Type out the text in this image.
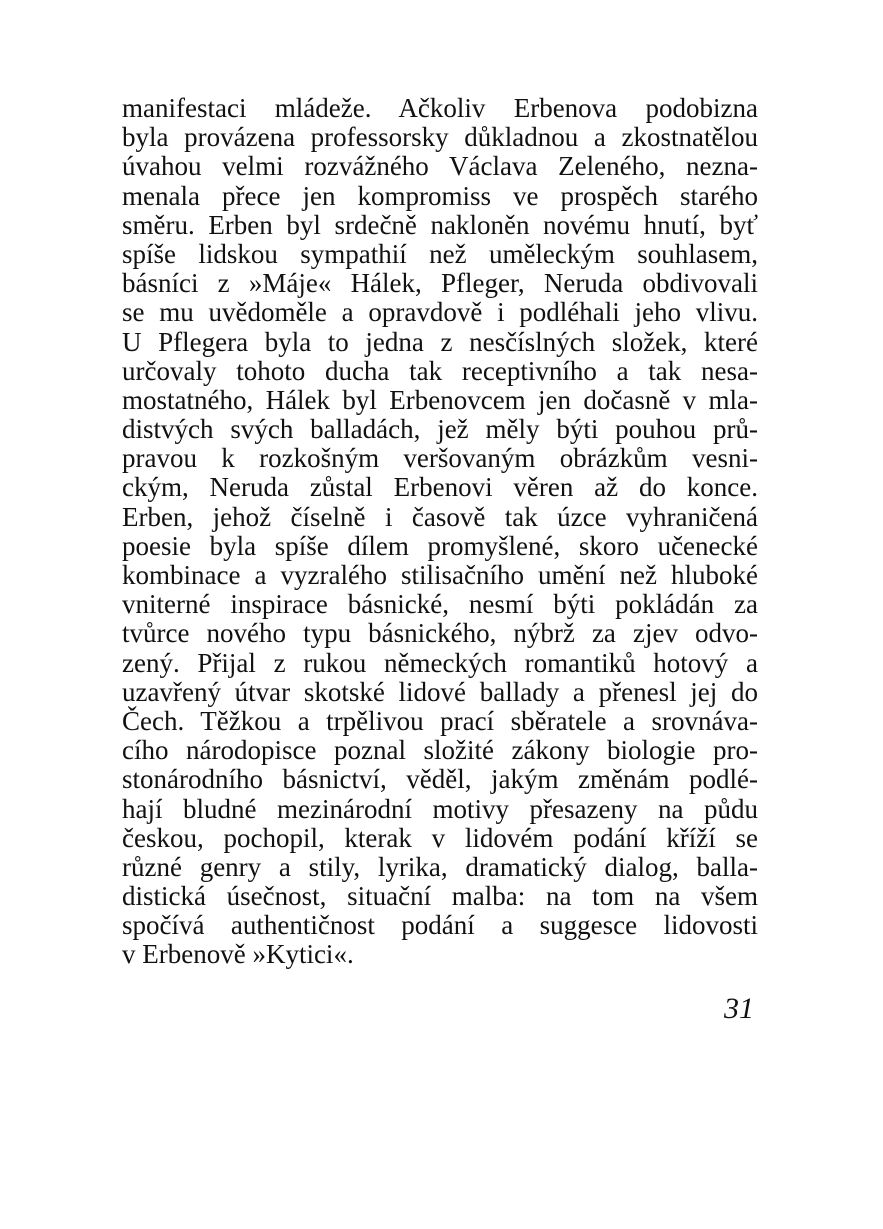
manifestaci mládeže. Ačkoliv Erbenova podobizna
byla provázena professorsky důkladnou a zkostnatělou
úvahou velmi rozvážného Václava Zeleného, nezna-
menala přece jen kompromiss ve prospěch starého
směru. Erben byl srdečně nakloněn novému hnutí, byť
spíše lidskou sympathií než uměleckým souhlasem,
básníci z »Máje« Hálek, Pfleger, Neruda obdivovali
se mu uvědoměle a opravdově i podléhali jeho vlivu.
U Pflegera byla to jedna z nesčíslných složek, které
určovaly tohoto ducha tak receptivního a tak nesa-
mostatného, Hálek byl Erbenovcem jen dočasně v mla-
distvých svých balladách, jež měly býti pouhou prů-
pravou k rozkošným veršovaným obrázkům vesni-
ckým, Neruda zůstal Erbenovi věren až do konce.
Erben, jehož číselně i časově tak úzce vyhraničená
poesie byla spíše dílem promyšlené, skoro učenecké
kombinace a vyzralého stilisačního umění než hluboké
vniterné inspirace básnické, nesmí býti pokládán za
tvůrce nového typu básnického, nýbrž za zjev odvo-
zený. Přijal z rukou německých romantiků hotový a
uzavřený útvar skotské lidové ballady a přenesl jej do
Čech. Těžkou a trpělivou prací sběratele a srovnáva-
cího národopisce poznal složité zákony biologie pro-
stonárodního básnictví, věděl, jakým změnám podlé-
hají bludné mezinárodní motivy přesazeny na půdu
českou, pochopil, kterak v lidovém podání kříží se
různé genry a stily, lyrika, dramatický dialog, balla-
distická úsečnost, situační malba: na tom na všem
spočívá authentičnost podání a suggesce lidovosti
v Erbenově »Kytici«.
31
